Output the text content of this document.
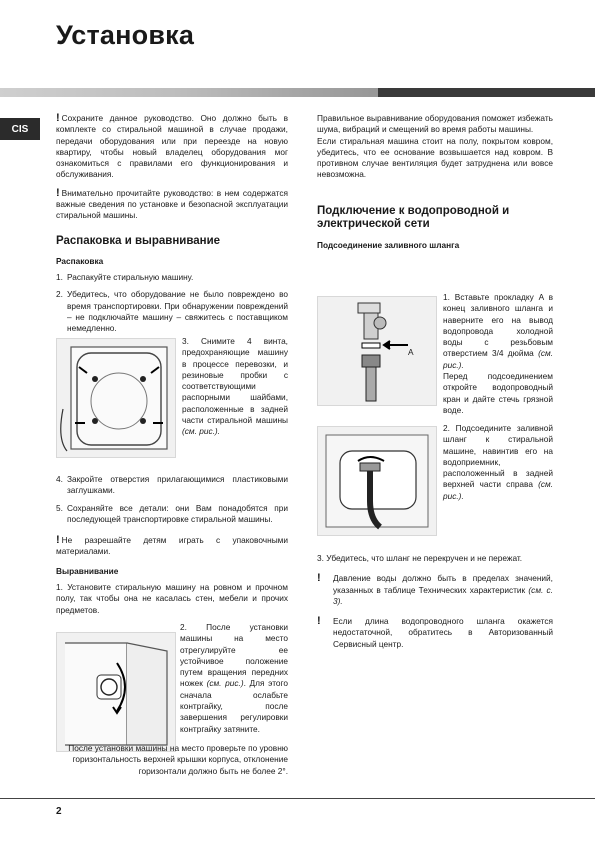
Установка
CIS

! Сохраните данное руководство. Оно должно быть в комплекте со стиральной машиной в случае продажи, передачи оборудования или при переезде на новую квартиру, чтобы новый владелец оборудования мог ознакомиться с правилами его функционирования и обслуживания.

! Внимательно прочитайте руководство: в нем содержатся важные сведения по установке и безопасной эксплуатации стиральной машины.

Распаковка и выравнивание
Распаковка
1. Распакуйте стиральную машину.
2. Убедитесь, что оборудование не было повреждено во время транспортировки. При обнаружении повреждений – не подключайте машину – свяжитесь с поставщиком немедленно.
3. Снимите 4 винта, предохраняющие машину в процессе перевозки, и резиновые пробки с соответствующими распорными шайбами, расположенные в задней части стиральной машины (см. рис.).
4. Закройте отверстия прилагающимися пластиковыми заглушками.
5. Сохраняйте все детали: они Вам понадобятся при последующей транспортировке стиральной машины.

! Не разрешайте детям играть с упаковочными материалами.

Выравнивание

1. Установите стиральную машину на ровном и прочном полу, так чтобы она не касалась стен, мебели и прочих предметов.

2. После установки машины на место отрегулируйте ее устойчивое положение путем вращения передних ножек (см. рис.). Для этого сначала ослабьте контргайку, после завершения регулировки контргайку затяните.
После установки машины на место проверьте по уровню горизонтальность верхней крышки корпуса, отклонение горизонтали должно быть не более 2°.

Правильное выравнивание оборудования поможет избежать шума, вибраций и смещений во время работы машины.

Если стиральная машина стоит на полу, покрытом ковром, убедитесь, что ее основание возвышается над ковром. В противном случае вентиляция будет затруднена или вовсе невозможна.

Подключение к водопроводной и электрической сети
Подсоединение заливного шланга
A
1. Вставьте прокладку A в конец заливного шланга и наверните его на вывод водопровода холодной воды с резьбовым отверстием 3/4 дюйма (см. рис.).
Перед подсоединением откройте водопроводный кран и дайте стечь грязной воде.
2. Подсоедините заливной шланг к стиральной машине, навинтив его на водоприемник, расположенный в задней верхней части справа (см. рис.).

3. Убедитесь, что шланг не перекручен и не пережат.

!	Давление воды должно быть в пределах значений, указанных в таблице Технических характеристик (см. с. 3).

!	Если длина водопроводного шланга окажется недостаточной, обратитесь в Авторизованный Сервисный центр.

2
